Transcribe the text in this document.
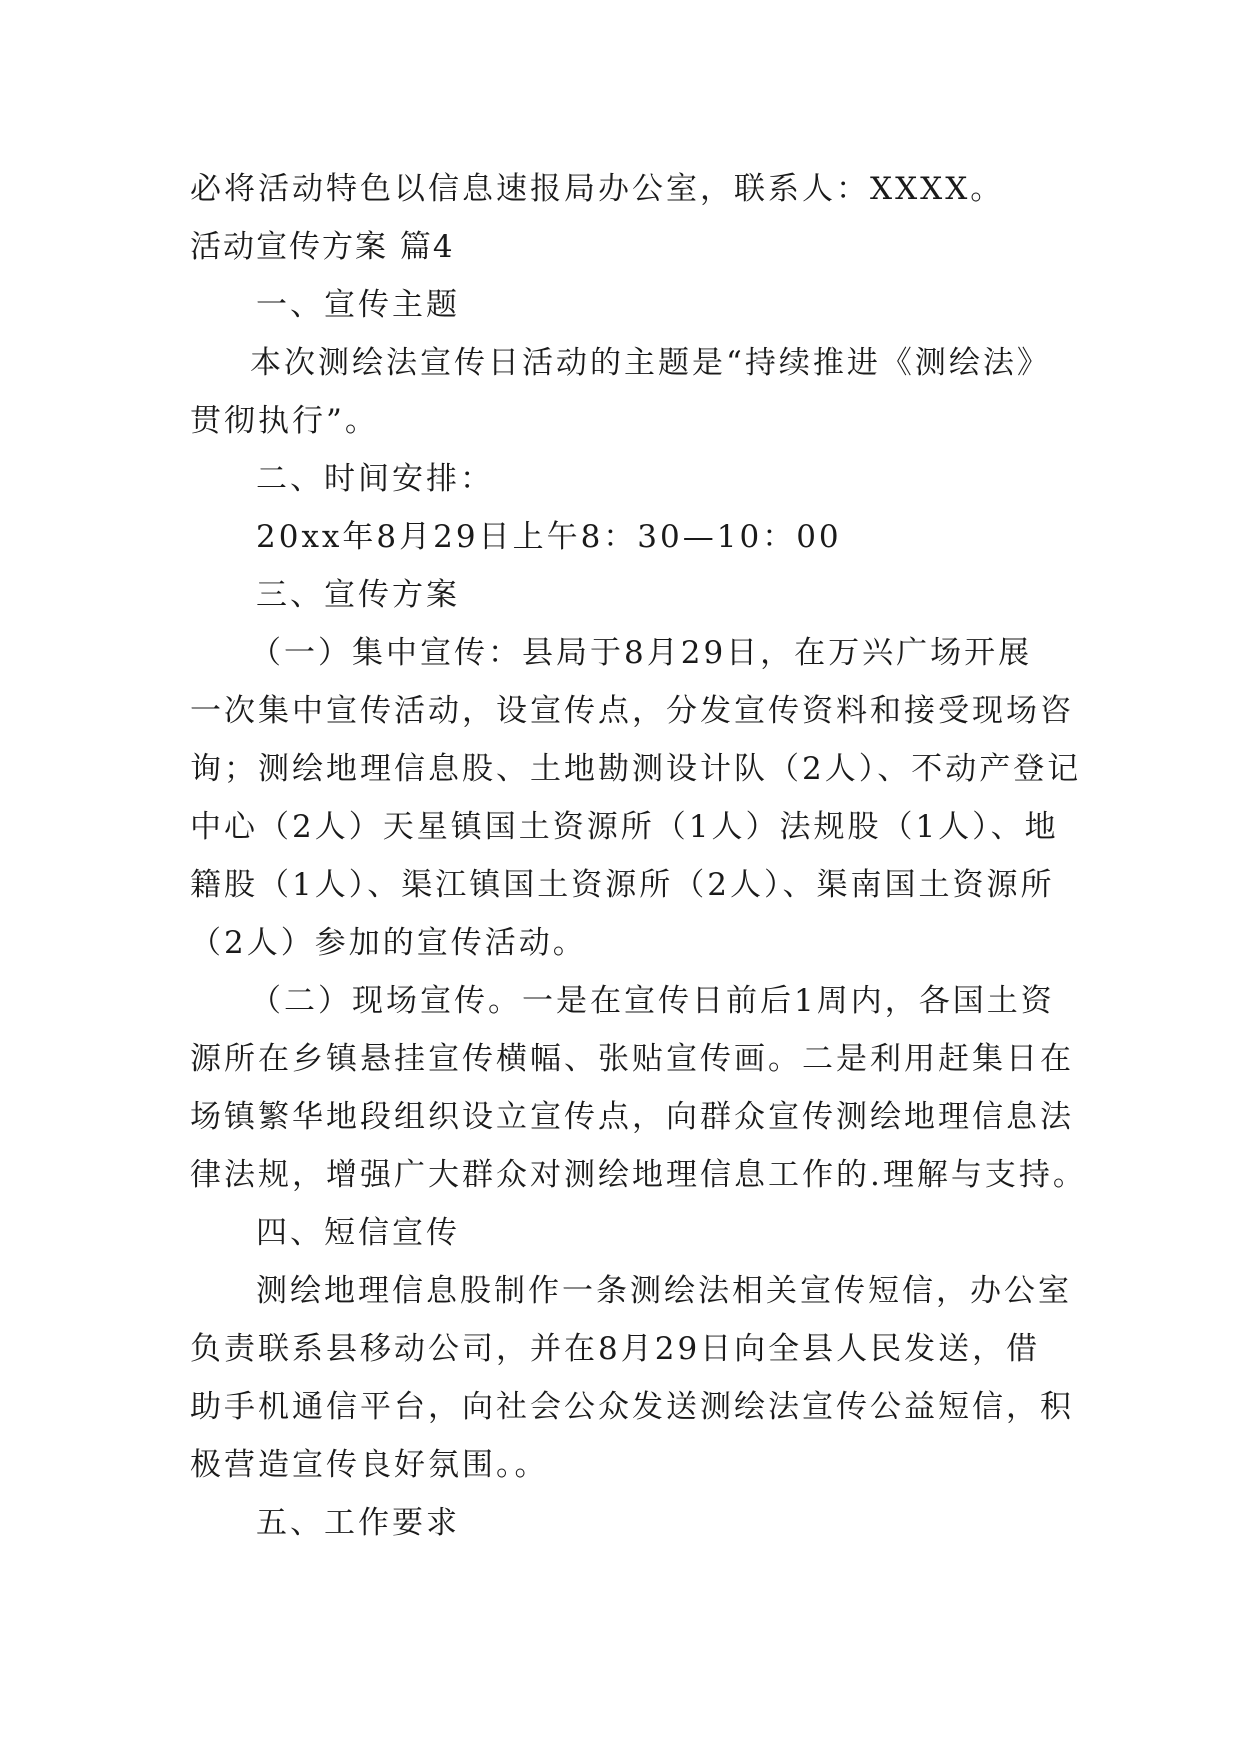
必将活动特色以信息速报局办公室，联系人：XXXX。
活动宣传方案 篇4
一、宣传主题
本次测绘法宣传日活动的主题是“持续推进《测绘法》
贯彻执行”。
二、时间安排：
20xx年8月29日上午8：30—10：00
三、宣传方案
（一）集中宣传：县局于8月29日，在万兴广场开展
一次集中宣传活动，设宣传点，分发宣传资料和接受现场咨
询；测绘地理信息股、土地勘测设计队（2人）、不动产登记
中心（2人）天星镇国土资源所（1人）法规股（1人）、地
籍股（1人）、渠江镇国土资源所（2人）、渠南国土资源所
（2人）参加的宣传活动。
（二）现场宣传。一是在宣传日前后1周内，各国土资
源所在乡镇悬挂宣传横幅、张贴宣传画。二是利用赶集日在
场镇繁华地段组织设立宣传点，向群众宣传测绘地理信息法
律法规，增强广大群众对测绘地理信息工作的.理解与支持。
四、短信宣传
测绘地理信息股制作一条测绘法相关宣传短信，办公室
负责联系县移动公司，并在8月29日向全县人民发送，借
助手机通信平台，向社会公众发送测绘法宣传公益短信，积
极营造宣传良好氛围。。
五、工作要求
